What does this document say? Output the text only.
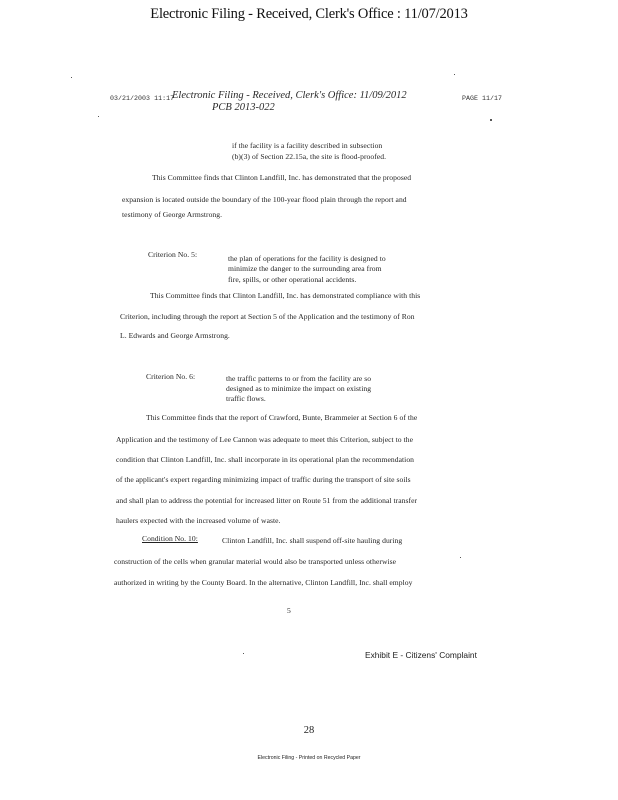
Electronic Filing - Received, Clerk's Office : 11/07/2013
03/21/2003 11:17
Electronic Filing - Received, Clerk's Office: 11/09/2012
PCB 2013-022
PAGE 11/17
if the facility is a facility described in subsection
(b)(3) of Section 22.15a, the site is flood-proofed.
This Committee finds that Clinton Landfill, Inc. has demonstrated that the proposed
expansion is located outside the boundary of the 100-year flood plain through the report and
testimony of George Armstrong.
Criterion No. 5:	the plan of operations for the facility is designed to
minimize the danger to the surrounding area from
fire, spills, or other operational accidents.
This Committee finds that Clinton Landfill, Inc. has demonstrated compliance with this
Criterion, including through the report at Section 5 of the Application and the testimony of Ron
L. Edwards and George Armstrong.
Criterion No. 6:	the traffic patterns to or from the facility are so
designed as to minimize the impact on existing
traffic flows.
This Committee finds that the report of Crawford, Bunte, Brammeier at Section 6 of the
Application and the testimony of Lee Cannon was adequate to meet this Criterion, subject to the
condition that Clinton Landfill, Inc. shall incorporate in its operational plan the recommendation
of the applicant's expert regarding minimizing impact of traffic during the transport of site soils
and shall plan to address the potential for increased litter on Route 51 from the additional transfer
haulers expected with the increased volume of waste.
Condition No. 10:	Clinton Landfill, Inc. shall suspend off-site hauling during
construction of the cells when granular material would also be transported unless otherwise
authorized in writing by the County Board. In the alternative, Clinton Landfill, Inc. shall employ
5
Exhibit E - Citizens' Complaint
28
Electronic Filing - Printed on Recycled Paper
